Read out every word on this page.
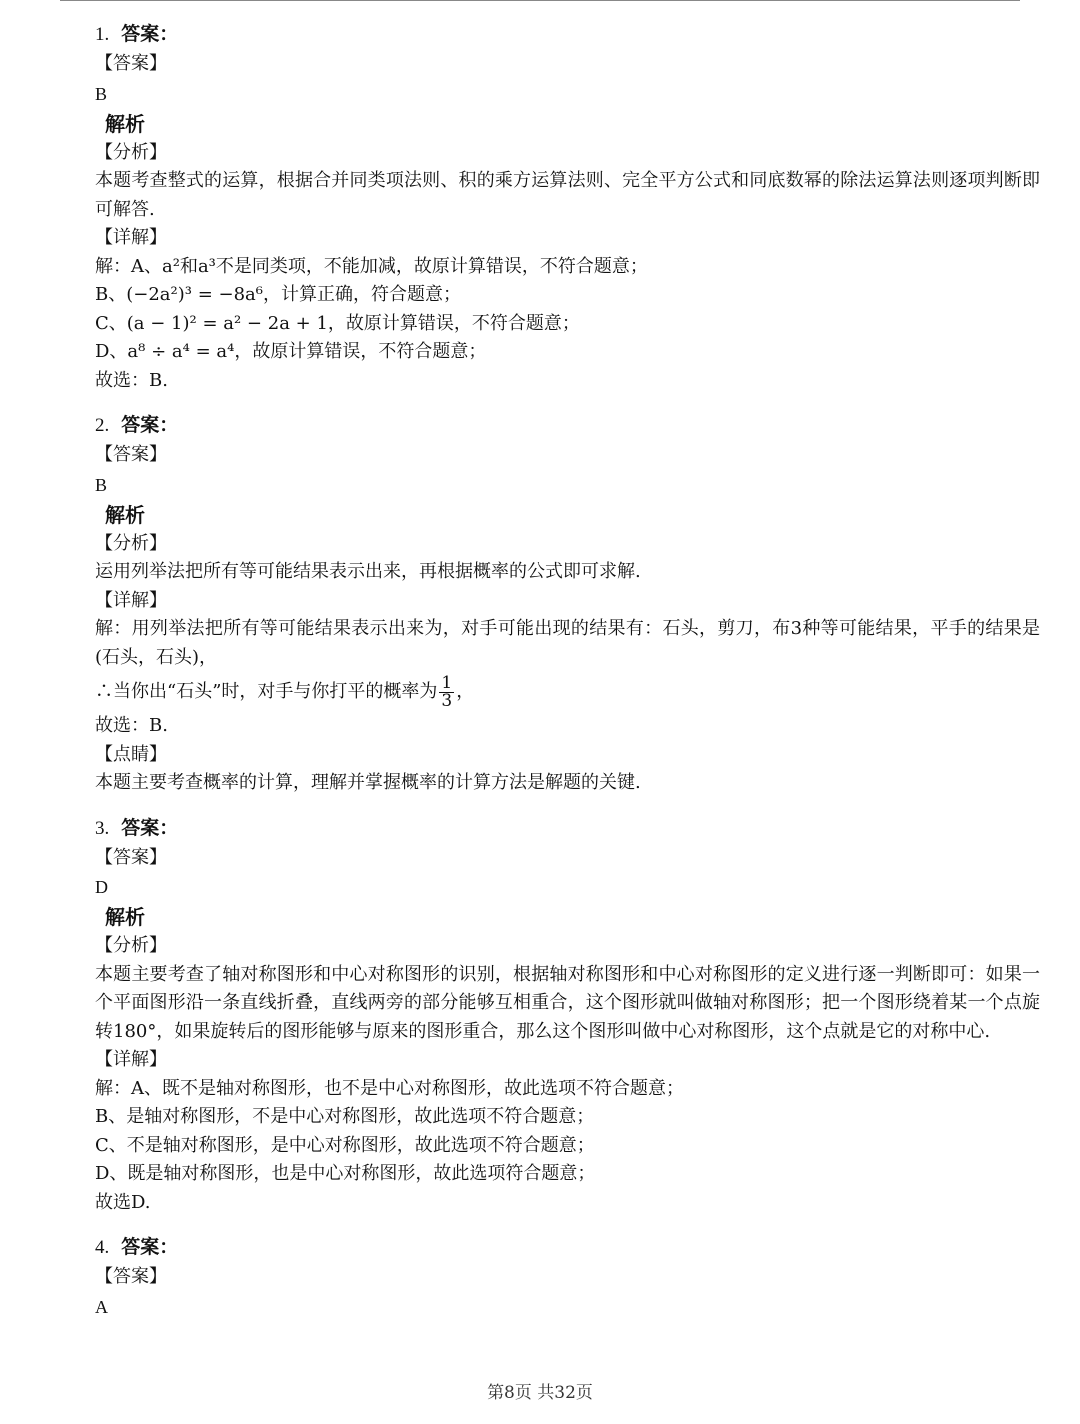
1. 答案：
【答案】
B
解析
【分析】
本题考查整式的运算，根据合并同类项法则、积的乘方运算法则、完全平方公式和同底数幂的除法运算法则逐项判断即可解答.
【详解】
解：A、a²和a³不是同类项，不能加减，故原计算错误，不符合题意；
B、(−2a²)³ = −8a⁶，计算正确，符合题意；
C、(a − 1)² = a² − 2a + 1，故原计算错误，不符合题意；
D、a⁸ ÷ a⁴ = a⁴，故原计算错误，不符合题意；
故选：B.
2. 答案：
【答案】
B
解析
【分析】
运用列举法把所有等可能结果表示出来，再根据概率的公式即可求解.
【详解】
解：用列举法把所有等可能结果表示出来为，对手可能出现的结果有：石头，剪刀，布3种等可能结果，平手的结果是(石头，石头)，
∴当你出“石头”时，对手与你打平的概率为 $\frac{1}{3}$ ，
故选：B.
【点睛】
本题主要考查概率的计算，理解并掌握概率的计算方法是解题的关键.
3. 答案：
【答案】
D
解析
【分析】
本题主要考查了轴对称图形和中心对称图形的识别，根据轴对称图形和中心对称图形的定义进行逐一判断即可：如果一个平面图形沿一条直线折叠，直线两旁的部分能够互相重合，这个图形就叫做轴对称图形；把一个图形绕着某一个点旋转180°，如果旋转后的图形能够与原来的图形重合，那么这个图形叫做中心对称图形，这个点就是它的对称中心.
【详解】
解：A、既不是轴对称图形，也不是中心对称图形，故此选项不符合题意；
B、是轴对称图形，不是中心对称图形，故此选项不符合题意；
C、不是轴对称图形，是中心对称图形，故此选项不符合题意；
D、既是轴对称图形，也是中心对称图形，故此选项符合题意；
故选D.
4. 答案：
【答案】
A
第8页 共32页
